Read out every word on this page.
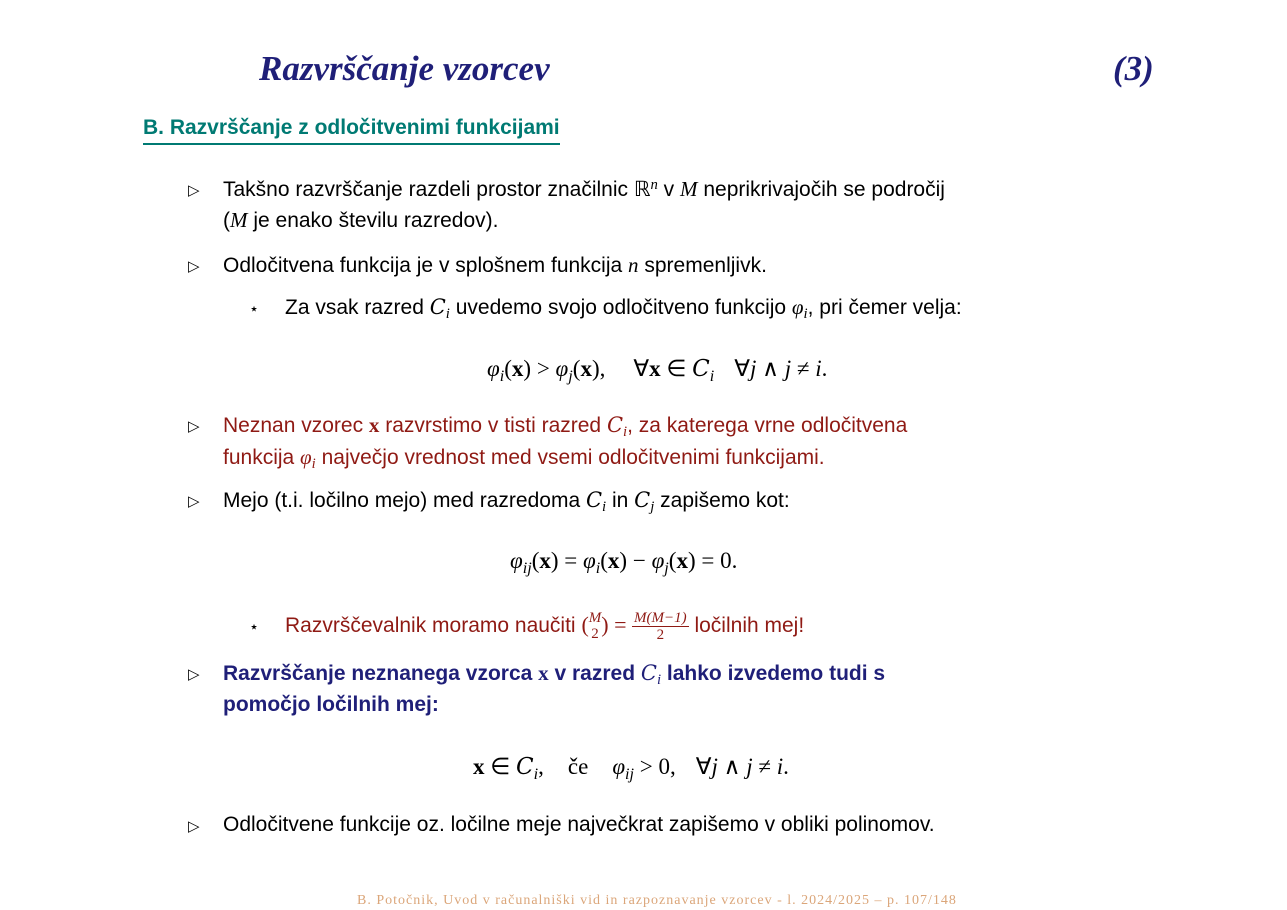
Razvrščanje vzorcev	(3)
B. Razvrščanje z odločitvenimi funkcijami
▷ Takšno razvrščanje razdeli prostor značilnic ℝ$^n$ v M neprikrivajočih se področij
(M je enako številu razredov).
▷ Odločitvena funkcija je v splošnem funkcija n spremenljivk.
⋆ Za vsak razred $C_i$ uvedemo svojo odločitveno funkcijo $\varphi_i$, pri čemer velja:
$\varphi_i(x) > \varphi_j(x)$, ∀x ∈ $C_i$ ∀j ∧ j ≠ i.
▷ Neznan vzorec x razvrstimo v tisti razred $C_i$, za katerega vrne odločitvena
funkcija $\varphi_i$ največjo vrednost med vsemi odločitvenimi funkcijami.
▷ Mejo (t.i. ločilno mejo) med razredoma $C_i$ in $C_j$ zapišemo kot:
$\varphi_{ij}(x) = \varphi_i(x) - \varphi_j(x) = 0$.
⋆ Razvrščevalnik moramo naučiti ( M
2 ) = $\frac{M(M-1)}{2}$ ločilnih mej!
▷ Razvrščanje neznanega vzorca x v razred $C_i$ lahko izvedemo tudi s
pomočjo ločilnih mej:
x ∈ $C_i$, če $\varphi_{ij} > 0$, ∀j ∧ j ≠ i.
▷ Odločitvene funkcije oz. ločilne meje največkrat zapišemo v obliki polinomov.
B. Potočnik, Uvod v računalniški vid in razpoznavanje vzorcev - l. 2024/2025 – p. 107/148
